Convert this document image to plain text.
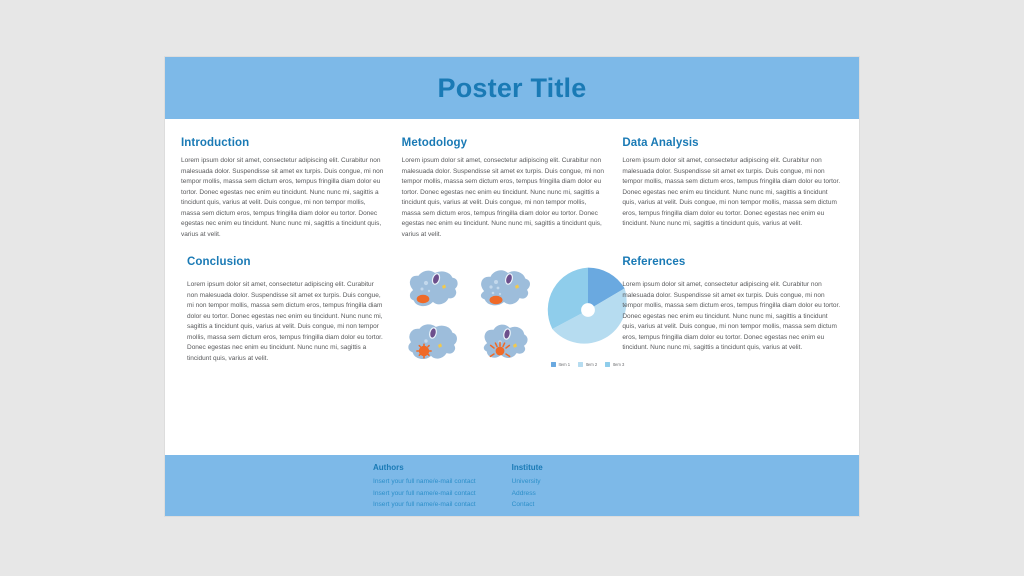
Poster Title
Introduction

Lorem ipsum dolor sit amet, consectetur adipiscing elit. Curabitur non malesuada dolor. Suspendisse sit amet ex turpis. Duis congue, mi non tempor mollis, massa sem dictum eros, tempus fringilla diam dolor eu tortor. Donec egestas nec enim eu tincidunt. Nunc nunc mi, sagittis a tincidunt quis, varius at velit. Duis congue, mi non tempor mollis, massa sem dictum eros, tempus fringilla diam dolor eu tortor. Donec egestas nec enim eu tincidunt. Nunc nunc mi, sagittis a tincidunt quis, varius at velit.

Metodology

Lorem ipsum dolor sit amet, consectetur adipiscing elit. Curabitur non malesuada dolor. Suspendisse sit amet ex turpis. Duis congue, mi non tempor mollis, massa sem dictum eros, tempus fringilla diam dolor eu tortor. Donec egestas nec enim eu tincidunt. Nunc nunc mi, sagittis a tincidunt quis, varius at velit. Duis congue, mi non tempor mollis, massa sem dictum eros, tempus fringilla diam dolor eu tortor. Donec egestas nec enim eu tincidunt. Nunc nunc mi, sagittis a tincidunt quis, varius at velit.

Data Analysis

Lorem ipsum dolor sit amet, consectetur adipiscing elit. Curabitur non malesuada dolor. Suspendisse sit amet ex turpis. Duis congue, mi non tempor mollis, massa sem dictum eros, tempus fringilla diam dolor eu tortor. Donec egestas nec enim eu tincidunt. Nunc nunc mi, sagittis a tincidunt quis, varius at velit. Duis congue, mi non tempor mollis, massa sem dictum eros, tempus fringilla diam dolor eu tortor. Donec egestas nec enim eu tincidunt. Nunc nunc mi, sagittis a tincidunt quis, varius at velit.

Conclusion

Lorem ipsum dolor sit amet, consectetur adipiscing elit. Curabitur non malesuada dolor. Suspendisse sit amet ex turpis. Duis congue, mi non tempor mollis, massa sem dictum eros, tempus fringilla diam dolor eu tortor. Donec egestas nec enim eu tincidunt. Nunc nunc mi, sagittis a tincidunt quis, varius at velit. Duis congue, mi non tempor mollis, massa sem dictum eros, tempus fringilla diam dolor eu tortor. Donec egestas nec enim eu tincidunt. Nunc nunc mi, sagittis a tincidunt quis, varius at velit.

Item 1	Item 2	Item 3
References

Lorem ipsum dolor sit amet, consectetur adipiscing elit. Curabitur non malesuada dolor. Suspendisse sit amet ex turpis. Duis congue, mi non tempor mollis, massa sem dictum eros, tempus fringilla diam dolor eu tortor. Donec egestas nec enim eu tincidunt. Nunc nunc mi, sagittis a tincidunt quis, varius at velit. Duis congue, mi non tempor mollis, massa sem dictum eros, tempus fringilla diam dolor eu tortor. Donec egestas nec enim eu tincidunt. Nunc nunc mi, sagittis a tincidunt quis, varius at velit.

Authors
Insert your full name/e-mail contact
Insert your full name/e-mail contact
Insert your full name/e-mail contact
Institute
University
Address
Contact
